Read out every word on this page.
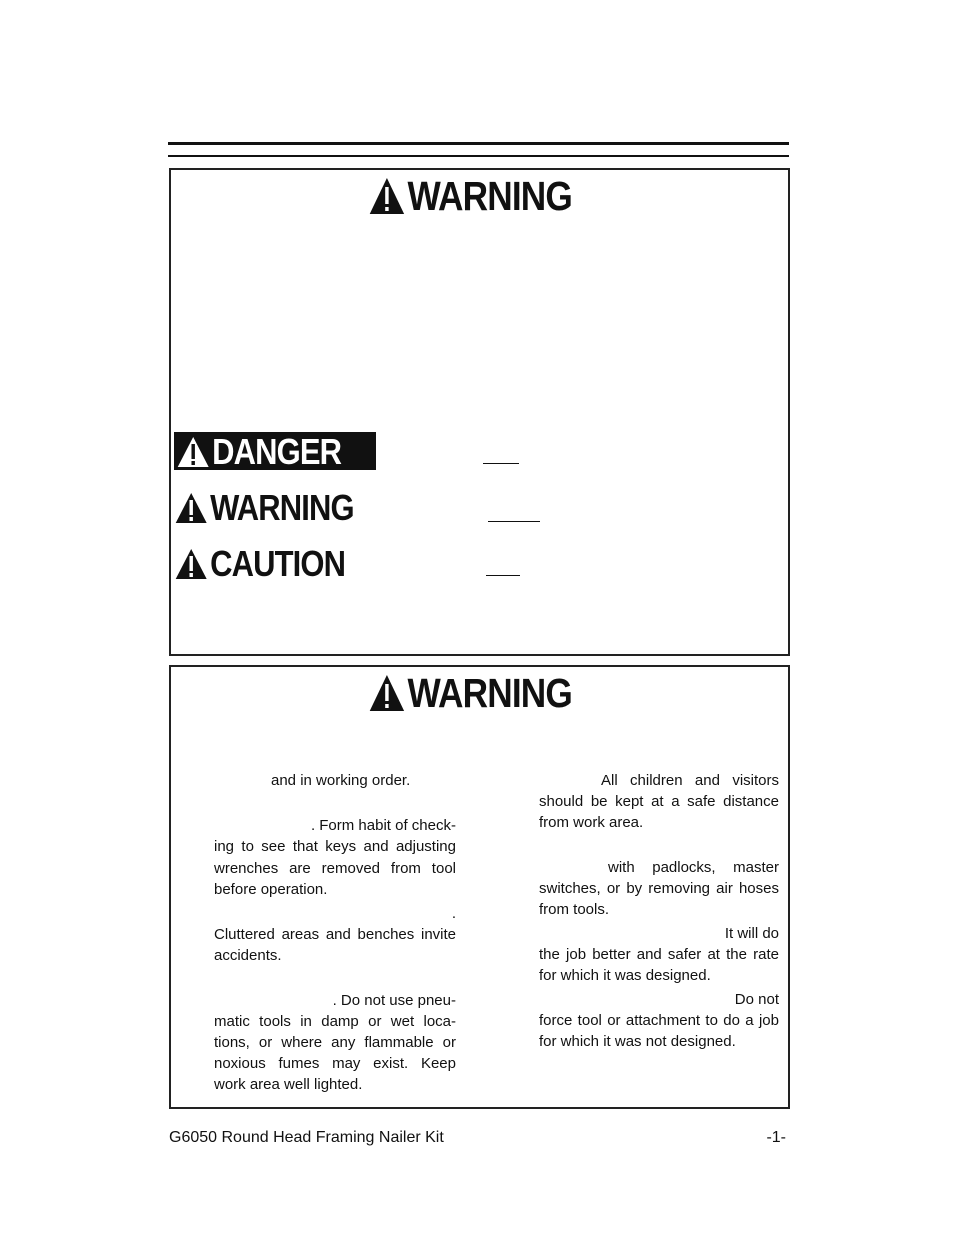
WARNING
DANGER
WARNING
CAUTION
WARNING

and in working order.

. Form habit of check-

ing to see that keys and adjusting

wrenches are removed from tool

before operation.

.

Cluttered areas and benches invite

accidents.

. Do not use pneu-

matic tools in damp or wet loca-

tions, or where any flammable or

noxious fumes may exist. Keep

work area well lighted.

All children and visitors

should be kept at a safe distance

from work area.

with padlocks, master

switches, or by removing air hoses

from tools.

It will do

the job better and safer at the rate

for which it was designed.

Do not

force tool or attachment to do a job

for which it was not designed.

G6050 Round Head Framing Nailer Kit	-1-
